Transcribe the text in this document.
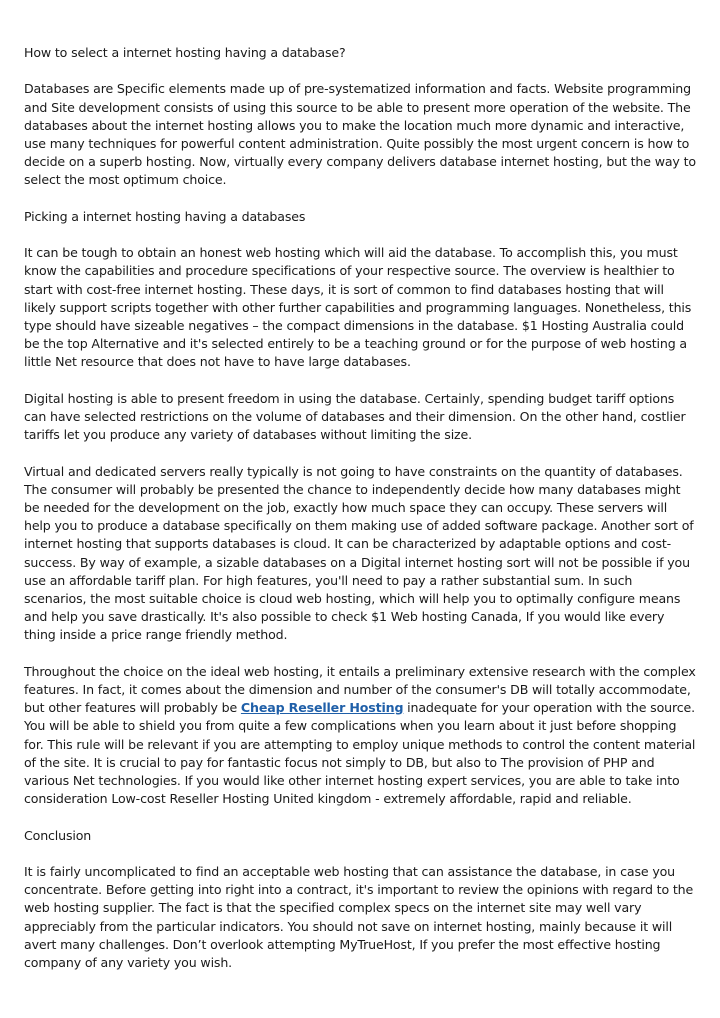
How to select a internet hosting having a database?

Databases are Specific elements made up of pre-systematized information and facts. Website programming and Site development consists of using this source to be able to present more operation of the website. The databases about the internet hosting allows you to make the location much more dynamic and interactive, use many techniques for powerful content administration. Quite possibly the most urgent concern is how to decide on a superb hosting. Now, virtually every company delivers database internet hosting, but the way to select the most optimum choice.

Picking a internet hosting having a databases

It can be tough to obtain an honest web hosting which will aid the database. To accomplish this, you must know the capabilities and procedure specifications of your respective source. The overview is healthier to start with cost-free internet hosting. These days, it is sort of common to find databases hosting that will likely support scripts together with other further capabilities and programming languages. Nonetheless, this type should have sizeable negatives – the compact dimensions in the database. $1 Hosting Australia could be the top Alternative and it's selected entirely to be a teaching ground or for the purpose of web hosting a little Net resource that does not have to have large databases.

Digital hosting is able to present freedom in using the database. Certainly, spending budget tariff options can have selected restrictions on the volume of databases and their dimension. On the other hand, costlier tariffs let you produce any variety of databases without limiting the size.

Virtual and dedicated servers really typically is not going to have constraints on the quantity of databases. The consumer will probably be presented the chance to independently decide how many databases might be needed for the development on the job, exactly how much space they can occupy. These servers will help you to produce a database specifically on them making use of added software package. Another sort of internet hosting that supports databases is cloud. It can be characterized by adaptable options and cost-success. By way of example, a sizable databases on a Digital internet hosting sort will not be possible if you use an affordable tariff plan. For high features, you'll need to pay a rather substantial sum. In such scenarios, the most suitable choice is cloud web hosting, which will help you to optimally configure means and help you save drastically. It's also possible to check $1 Web hosting Canada, If you would like every thing inside a price range friendly method.

Throughout the choice on the ideal web hosting, it entails a preliminary extensive research with the complex features. In fact, it comes about the dimension and number of the consumer's DB will totally accommodate, but other features will probably be Cheap Reseller Hosting inadequate for your operation with the source. You will be able to shield you from quite a few complications when you learn about it just before shopping for. This rule will be relevant if you are attempting to employ unique methods to control the content material of the site. It is crucial to pay for fantastic focus not simply to DB, but also to The provision of PHP and various Net technologies. If you would like other internet hosting expert services, you are able to take into consideration Low-cost Reseller Hosting United kingdom - extremely affordable, rapid and reliable.

Conclusion

It is fairly uncomplicated to find an acceptable web hosting that can assistance the database, in case you concentrate. Before getting into right into a contract, it's important to review the opinions with regard to the web hosting supplier. The fact is that the specified complex specs on the internet site may well vary appreciably from the particular indicators. You should not save on internet hosting, mainly because it will avert many challenges. Don’t overlook attempting MyTrueHost, If you prefer the most effective hosting company of any variety you wish.
